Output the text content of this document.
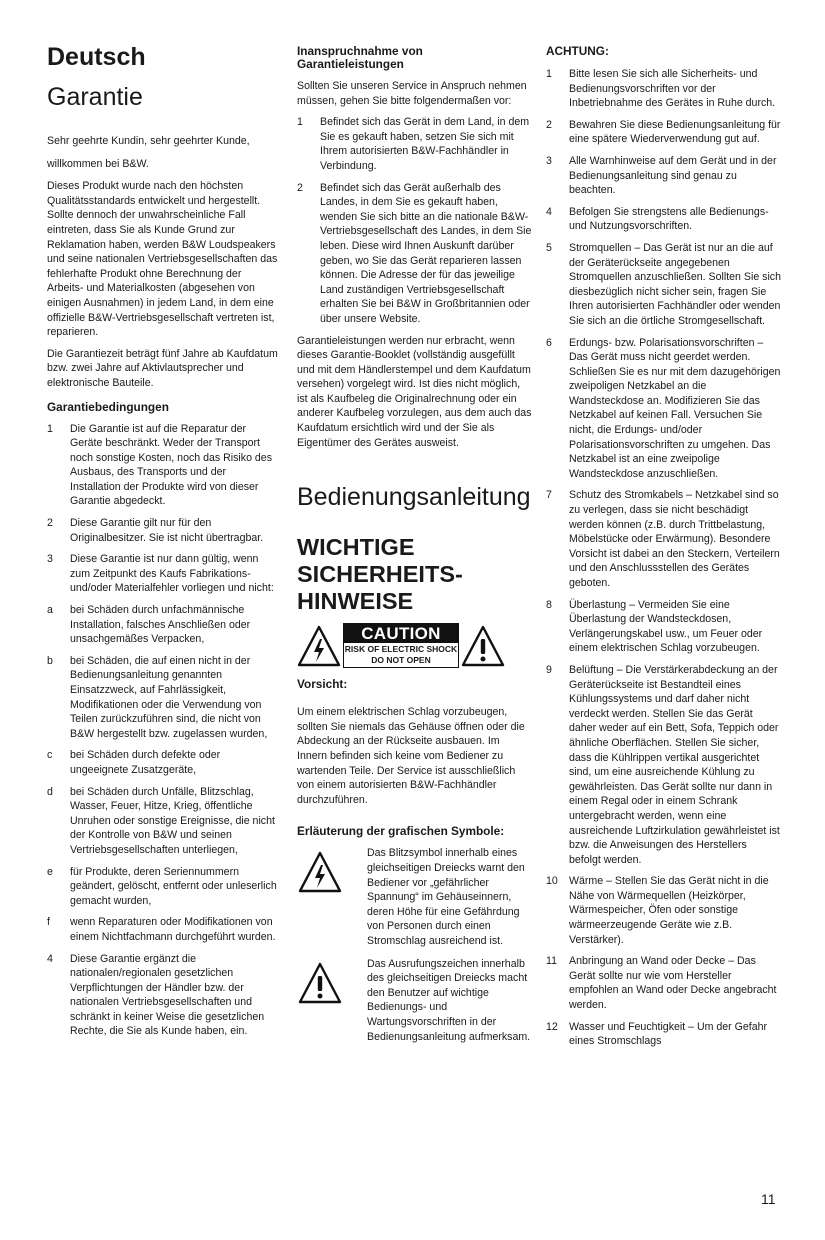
Deutsch
Garantie

Sehr geehrte Kundin, sehr geehrter Kunde,

willkommen bei B&W.

Dieses Produkt wurde nach den höchsten Qualitätsstandards entwickelt und hergestellt. Sollte dennoch der unwahrscheinliche Fall eintreten, dass Sie als Kunde Grund zur Reklamation haben, werden B&W Loudspeakers und seine nationalen Vertriebsgesellschaften das fehlerhafte Produkt ohne Berechnung der Arbeits- und Materialkosten (abgesehen von einigen Ausnahmen) in jedem Land, in dem eine offizielle B&W-Vertriebsgesellschaft vertreten ist, reparieren.

Die Garantiezeit beträgt fünf Jahre ab Kaufdatum bzw. zwei Jahre auf Aktivlautsprecher und elektronische Bauteile.

Garantiebedingungen
1	Die Garantie ist auf die Reparatur der Geräte beschränkt. Weder der Transport noch sonstige Kosten, noch das Risiko des Ausbaus, des Transports und der Installation der Produkte wird von dieser Garantie abgedeckt.
2	Diese Garantie gilt nur für den Originalbesitzer. Sie ist nicht übertragbar.
3	Diese Garantie ist nur dann gültig, wenn zum Zeitpunkt des Kaufs Fabrikations- und/oder Materialfehler vorliegen und nicht:
a	bei Schäden durch unfachmännische Installation, falsches Anschließen oder unsachgemäßes Verpacken,
b	bei Schäden, die auf einen nicht in der Bedienungsanleitung genannten Einsatzzweck, auf Fahrlässigkeit, Modifikationen oder die Verwendung von Teilen zurückzuführen sind, die nicht von B&W hergestellt bzw. zugelassen wurden,
c	bei Schäden durch defekte oder ungeeignete Zusatzgeräte,
d	bei Schäden durch Unfälle, Blitzschlag, Wasser, Feuer, Hitze, Krieg, öffentliche Unruhen oder sonstige Ereignisse, die nicht der Kontrolle von B&W und seinen Vertriebsgesellschaften unterliegen,
e	für Produkte, deren Seriennummern geändert, gelöscht, entfernt oder unleserlich gemacht wurden,
f	wenn Reparaturen oder Modifikationen von einem Nichtfachmann durchgeführt wurden.
4	Diese Garantie ergänzt die nationalen/regionalen gesetzlichen Verpflichtungen der Händler bzw. der nationalen Vertriebsgesellschaften und schränkt in keiner Weise die gesetzlichen Rechte, die Sie als Kunde haben, ein.
Inanspruchnahme von Garantieleistungen

Sollten Sie unseren Service in Anspruch nehmen müssen, gehen Sie bitte folgendermaßen vor:

1	Befindet sich das Gerät in dem Land, in dem Sie es gekauft haben, setzen Sie sich mit Ihrem autorisierten B&W-Fachhändler in Verbindung.
2	Befindet sich das Gerät außerhalb des Landes, in dem Sie es gekauft haben, wenden Sie sich bitte an die nationale B&W-Vertriebsgesellschaft des Landes, in dem Sie leben. Diese wird Ihnen Auskunft darüber geben, wo Sie das Gerät reparieren lassen können. Die Adresse der für das jeweilige Land zuständigen Vertriebsgesellschaft erhalten Sie bei B&W in Großbritannien oder über unsere Website.

Garantieleistungen werden nur erbracht, wenn dieses Garantie-Booklet (vollständig ausgefüllt und mit dem Händlerstempel und dem Kaufdatum versehen) vorgelegt wird. Ist dies nicht möglich, ist als Kaufbeleg die Originalrechnung oder ein anderer Kaufbeleg vorzulegen, aus dem auch das Kaufdatum ersichtlich wird und der Sie als Eigentümer des Gerätes ausweist.

Bedienungsanleitung
WICHTIGE
SICHERHEITS-
HINWEISE
CAUTION
RISK OF ELECTRIC SHOCK
DO NOT OPEN
Vorsicht:

Um einem elektrischen Schlag vorzubeugen, sollten Sie niemals das Gehäuse öffnen oder die Abdeckung an der Rückseite ausbauen. Im Innern befinden sich keine vom Bediener zu wartenden Teile. Der Service ist ausschließlich von einem autorisierten B&W-Fachhändler durchzuführen.

Erläuterung der grafischen Symbole:

Das Blitzsymbol innerhalb eines gleichseitigen Dreiecks warnt den Bediener vor „gefährlicher Spannung“ im Gehäuseinnern, deren Höhe für eine Gefährdung von Personen durch einen Stromschlag ausreichend ist.

Das Ausrufungszeichen innerhalb des gleichseitigen Dreiecks macht den Benutzer auf wichtige Bedienungs- und Wartungsvorschriften in der Bedienungsanleitung aufmerksam.

ACHTUNG:
1	Bitte lesen Sie sich alle Sicherheits- und Bedienungsvorschriften vor der Inbetriebnahme des Gerätes in Ruhe durch.
2	Bewahren Sie diese Bedienungsanleitung für eine spätere Wiederverwendung gut auf.
3	Alle Warnhinweise auf dem Gerät und in der Bedienungsanleitung sind genau zu beachten.
4	Befolgen Sie strengstens alle Bedienungs- und Nutzungsvorschriften.
5	Stromquellen – Das Gerät ist nur an die auf der Geräterückseite angegebenen Stromquellen anzuschließen. Sollten Sie sich diesbezüglich nicht sicher sein, fragen Sie Ihren autorisierten Fachhändler oder wenden Sie sich an die örtliche Stromgesellschaft.
6	Erdungs- bzw. Polarisationsvorschriften – Das Gerät muss nicht geerdet werden. Schließen Sie es nur mit dem dazugehörigen zweipoligen Netzkabel an die Wandsteckdose an. Modifizieren Sie das Netzkabel auf keinen Fall. Versuchen Sie nicht, die Erdungs- und/oder Polarisationsvorschriften zu umgehen. Das Netzkabel ist an eine zweipolige Wandsteckdose anzuschließen.
7	Schutz des Stromkabels – Netzkabel sind so zu verlegen, dass sie nicht beschädigt werden können (z.B. durch Trittbelastung, Möbelstücke oder Erwärmung). Besondere Vorsicht ist dabei an den Steckern, Verteilern und den Anschlussstellen des Gerätes geboten.
8	Überlastung – Vermeiden Sie eine Überlastung der Wandsteckdosen, Verlängerungskabel usw., um Feuer oder einem elektrischen Schlag vorzubeugen.
9	Belüftung – Die Verstärkerabdeckung an der Geräterückseite ist Bestandteil eines Kühlungssystems und darf daher nicht verdeckt werden. Stellen Sie das Gerät daher weder auf ein Bett, Sofa, Teppich oder ähnliche Oberflächen. Stellen Sie sicher, dass die Kühlrippen vertikal ausgerichtet sind, um eine ausreichende Kühlung zu gewährleisten. Das Gerät sollte nur dann in einem Regal oder in einem Schrank untergebracht werden, wenn eine ausreichende Luftzirkulation gewährleistet ist bzw. die Anweisungen des Herstellers befolgt werden.
10	Wärme – Stellen Sie das Gerät nicht in die Nähe von Wärmequellen (Heizkörper, Wärmespeicher, Öfen oder sonstige wärmeerzeugende Geräte wie z.B. Verstärker).
11	Anbringung an Wand oder Decke – Das Gerät sollte nur wie vom Hersteller empfohlen an Wand oder Decke angebracht werden.
12	Wasser und Feuchtigkeit – Um der Gefahr eines Stromschlags
11
